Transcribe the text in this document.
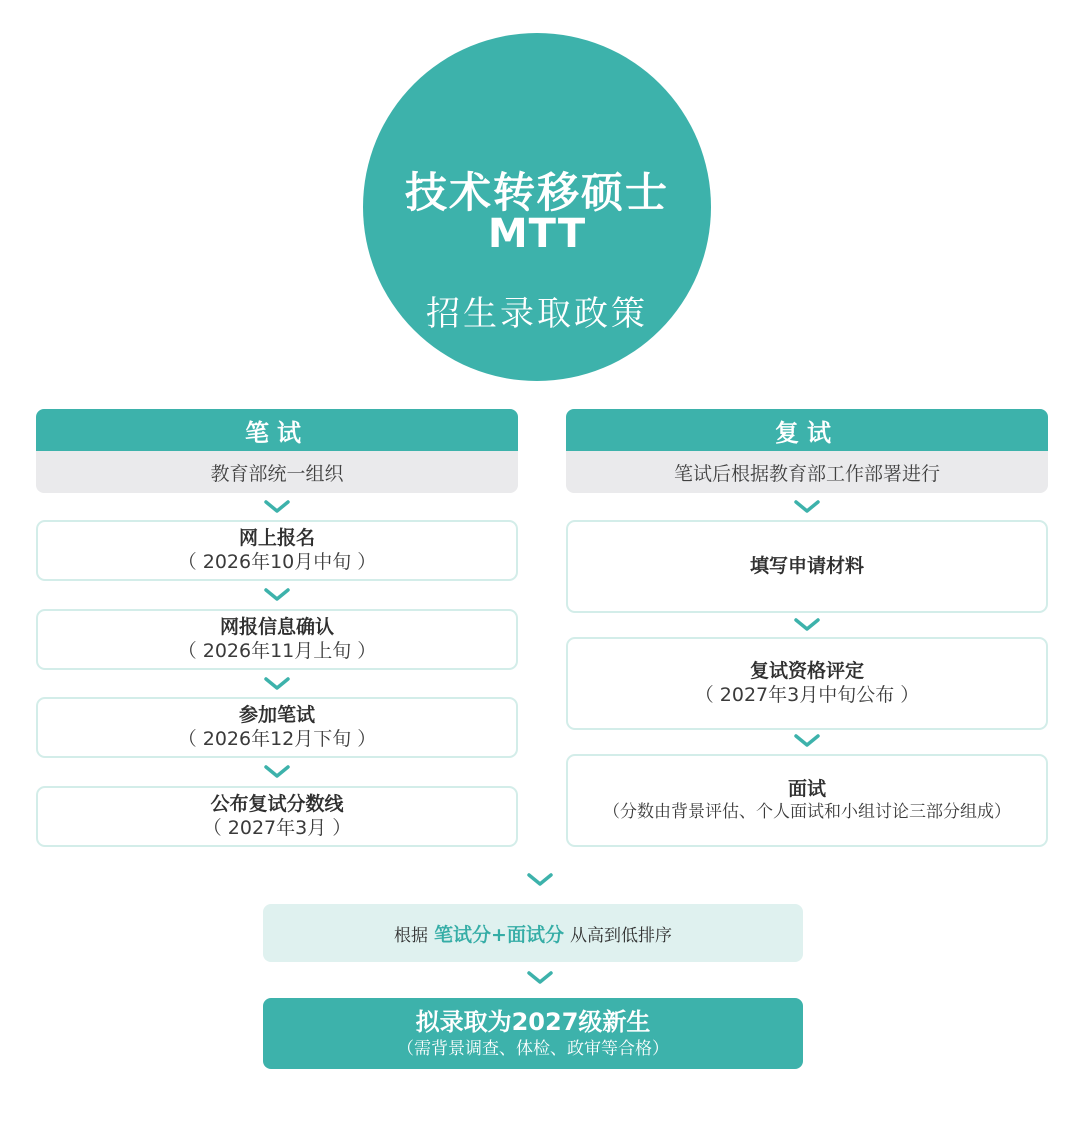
技术转移硕士
MTT
招生录取政策
笔试
教育部统一组织
网上报名
（ 2026年10月中旬 ）
网报信息确认
（ 2026年11月上旬 ）
参加笔试
（ 2026年12月下旬 ）
公布复试分数线
（ 2027年3月 ）
复试
笔试后根据教育部工作部署进行
填写申请材料
复试资格评定
（ 2027年3月中旬公布 ）
面试
（分数由背景评估、个人面试和小组讨论三部分组成）
根据 笔试分+面试分 从高到低排序
拟录取为2027级新生
（需背景调查、体检、政审等合格）
